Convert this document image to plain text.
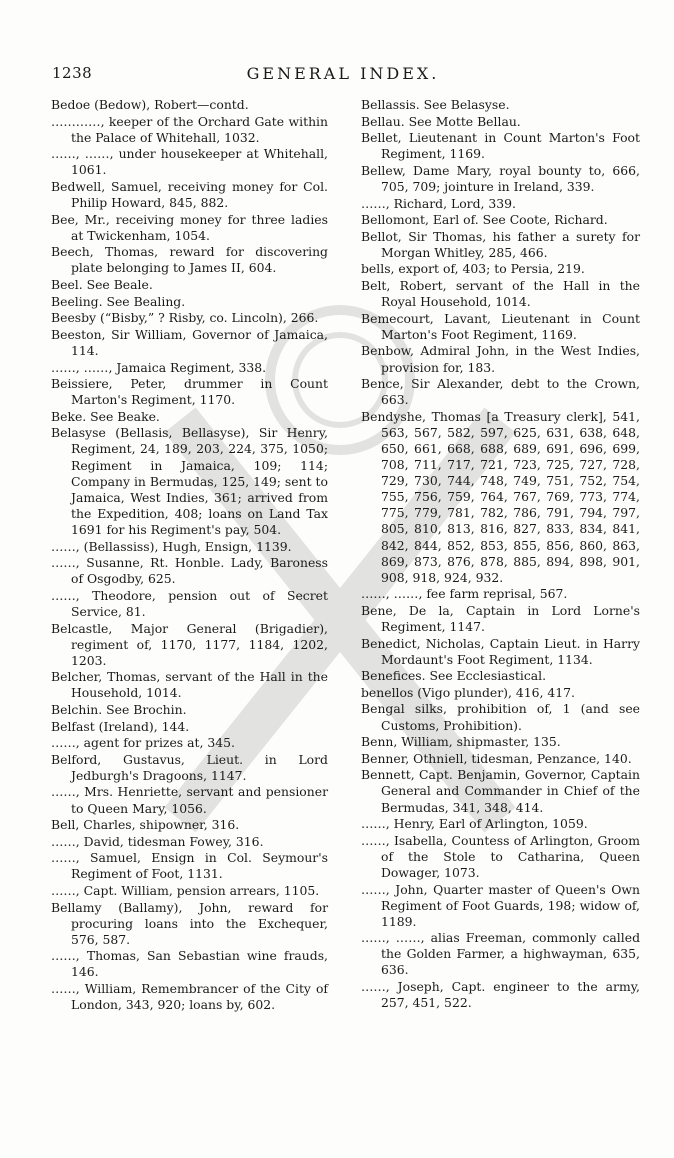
1238	GENERAL INDEX.

Bedoe (Bedow), Robert—contd.

…………, keeper of the Orchard Gate within the Palace of Whitehall, 1032.

……, ……, under housekeeper at Whitehall, 1061.

Bedwell, Samuel, receiving money for Col. Philip Howard, 845, 882.

Bee, Mr., receiving money for three ladies at Twickenham, 1054.

Beech, Thomas, reward for discovering plate belonging to James II, 604.

Beel. See Beale.

Beeling. See Bealing.

Beesby (“Bisby,” ? Risby, co. Lincoln), 266.

Beeston, Sir William, Governor of Jamaica, 114.

……, ……, Jamaica Regiment, 338.

Beissiere, Peter, drummer in Count Marton's Regiment, 1170.

Beke. See Beake.

Belasyse (Bellasis, Bellasyse), Sir Henry, Regiment, 24, 189, 203, 224, 375, 1050; Regiment in Jamaica, 109; 114; Company in Bermudas, 125, 149; sent to Jamaica, West Indies, 361; arrived from the Expedition, 408; loans on Land Tax 1691 for his Regiment's pay, 504.

……, (Bellassiss), Hugh, Ensign, 1139.

……, Susanne, Rt. Honble. Lady, Baroness of Osgodby, 625.

……, Theodore, pension out of Secret Service, 81.

Belcastle, Major General (Brigadier), regiment of, 1170, 1177, 1184, 1202, 1203.

Belcher, Thomas, servant of the Hall in the Household, 1014.

Belchin. See Brochin.

Belfast (Ireland), 144.

……, agent for prizes at, 345.

Belford, Gustavus, Lieut. in Lord Jedburgh's Dragoons, 1147.

……, Mrs. Henriette, servant and pensioner to Queen Mary, 1056.

Bell, Charles, shipowner, 316.

……, David, tidesman Fowey, 316.

……, Samuel, Ensign in Col. Seymour's Regiment of Foot, 1131.

……, Capt. William, pension arrears, 1105.

Bellamy (Ballamy), John, reward for procuring loans into the Exchequer, 576, 587.

……, Thomas, San Sebastian wine frauds, 146.

……, William, Remembrancer of the City of London, 343, 920; loans by, 602.

Bellassis. See Belasyse.

Bellau. See Motte Bellau.

Bellet, Lieutenant in Count Marton's Foot Regiment, 1169.

Bellew, Dame Mary, royal bounty to, 666, 705, 709; jointure in Ireland, 339.

……, Richard, Lord, 339.

Bellomont, Earl of. See Coote, Richard.

Bellot, Sir Thomas, his father a surety for Morgan Whitley, 285, 466.

bells, export of, 403; to Persia, 219.

Belt, Robert, servant of the Hall in the Royal Household, 1014.

Bemecourt, Lavant, Lieutenant in Count Marton's Foot Regiment, 1169.

Benbow, Admiral John, in the West Indies, provision for, 183.

Bence, Sir Alexander, debt to the Crown, 663.

Bendyshe, Thomas [a Treasury clerk], 541, 563, 567, 582, 597, 625, 631, 638, 648, 650, 661, 668, 688, 689, 691, 696, 699, 708, 711, 717, 721, 723, 725, 727, 728, 729, 730, 744, 748, 749, 751, 752, 754, 755, 756, 759, 764, 767, 769, 773, 774, 775, 779, 781, 782, 786, 791, 794, 797, 805, 810, 813, 816, 827, 833, 834, 841, 842, 844, 852, 853, 855, 856, 860, 863, 869, 873, 876, 878, 885, 894, 898, 901, 908, 918, 924, 932.

……, ……, fee farm reprisal, 567.

Bene, De la, Captain in Lord Lorne's Regiment, 1147.

Benedict, Nicholas, Captain Lieut. in Harry Mordaunt's Foot Regiment, 1134.

Benefices. See Ecclesiastical.

benellos (Vigo plunder), 416, 417.

Bengal silks, prohibition of, 1 (and see Customs, Prohibition).

Benn, William, shipmaster, 135.

Benner, Othniell, tidesman, Penzance, 140.

Bennett, Capt. Benjamin, Governor, Captain General and Commander in Chief of the Bermudas, 341, 348, 414.

……, Henry, Earl of Arlington, 1059.

……, Isabella, Countess of Arlington, Groom of the Stole to Catharina, Queen Dowager, 1073.

……, John, Quarter master of Queen's Own Regiment of Foot Guards, 198; widow of, 1189.

……, ……, alias Freeman, commonly called the Golden Farmer, a highwayman, 635, 636.

……, Joseph, Capt. engineer to the army, 257, 451, 522.
